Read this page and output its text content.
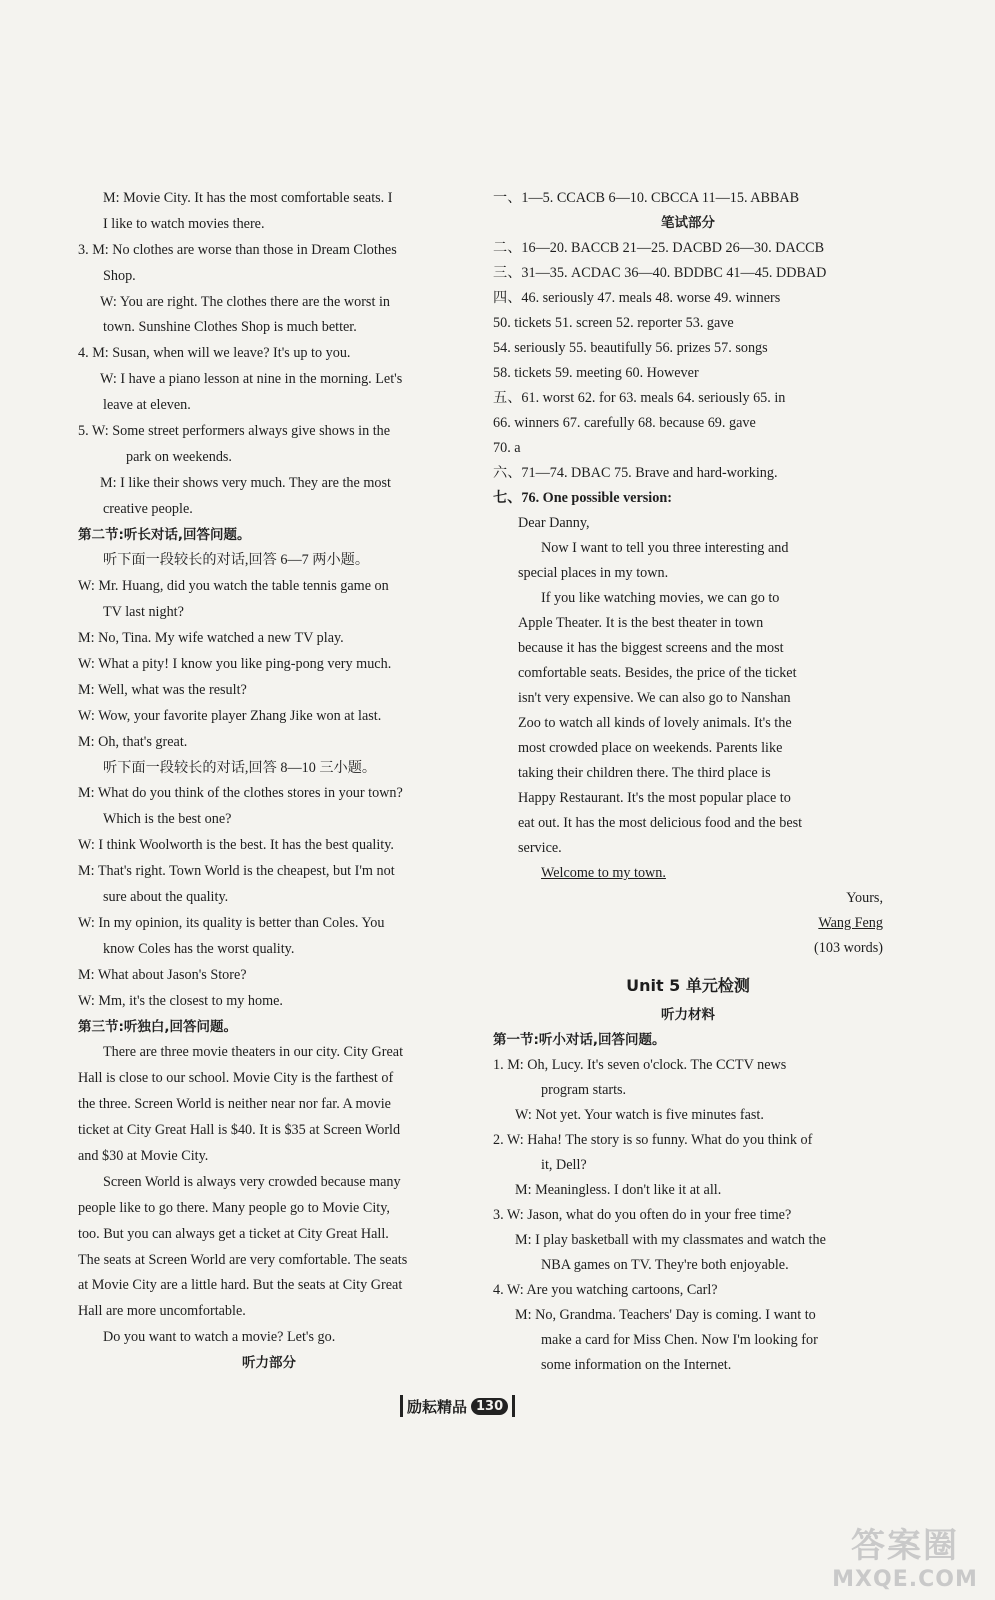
M: Movie City. It has the most comfortable seats. I
I like to watch movies there.
3. M: No clothes are worse than those in Dream Clothes
Shop.
W: You are right. The clothes there are the worst in
town. Sunshine Clothes Shop is much better.
4. M: Susan, when will we leave? It's up to you.
W: I have a piano lesson at nine in the morning. Let's
leave at eleven.
5. W: Some street performers always give shows in the
park on weekends.
M: I like their shows very much. They are the most
creative people.
第二节:听长对话,回答问题。
听下面一段较长的对话,回答 6—7 两小题。
W: Mr. Huang, did you watch the table tennis game on
TV last night?
M: No, Tina. My wife watched a new TV play.
W: What a pity! I know you like ping-pong very much.
M: Well, what was the result?
W: Wow, your favorite player Zhang Jike won at last.
M: Oh, that's great.
听下面一段较长的对话,回答 8—10 三小题。
M: What do you think of the clothes stores in your town?
Which is the best one?
W: I think Woolworth is the best. It has the best quality.
M: That's right. Town World is the cheapest, but I'm not
sure about the quality.
W: In my opinion, its quality is better than Coles. You
know Coles has the worst quality.
M: What about Jason's Store?
W: Mm, it's the closest to my home.
第三节:听独白,回答问题。
There are three movie theaters in our city. City Great
Hall is close to our school. Movie City is the farthest of
the three. Screen World is neither near nor far. A movie
ticket at City Great Hall is $40. It is $35 at Screen World
and $30 at Movie City.
Screen World is always very crowded because many
people like to go there. Many people go to Movie City,
too. But you can always get a ticket at City Great Hall.
The seats at Screen World are very comfortable. The seats
at Movie City are a little hard. But the seats at City Great
Hall are more uncomfortable.
Do you want to watch a movie? Let's go.
听力部分
一、1—5. CCACB 6—10. CBCCA 11—15. ABBAB
笔试部分
二、16—20. BACCB 21—25. DACBD 26—30. DACCB
三、31—35. ACDAC 36—40. BDDBC 41—45. DDBAD
四、46. seriously 47. meals 48. worse 49. winners
50. tickets 51. screen 52. reporter 53. gave
54. seriously 55. beautifully 56. prizes 57. songs
58. tickets 59. meeting 60. However
五、61. worst 62. for 63. meals 64. seriously 65. in
66. winners 67. carefully 68. because 69. gave
70. a
六、71—74. DBAC 75. Brave and hard-working.
七、76. One possible version:
Dear Danny,
Now I want to tell you three interesting and
special places in my town.
If you like watching movies, we can go to
Apple Theater. It is the best theater in town
because it has the biggest screens and the most
comfortable seats. Besides, the price of the ticket
isn't very expensive. We can also go to Nanshan
Zoo to watch all kinds of lovely animals. It's the
most crowded place on weekends. Parents like
taking their children there. The third place is
Happy Restaurant. It's the most popular place to
eat out. It has the most delicious food and the best
service.
Welcome to my town.
Yours,
Wang Feng
(103 words)
Unit 5 单元检测
听力材料
第一节:听小对话,回答问题。
1. M: Oh, Lucy. It's seven o'clock. The CCTV news
program starts.
W: Not yet. Your watch is five minutes fast.
2. W: Haha! The story is so funny. What do you think of
it, Dell?
M: Meaningless. I don't like it at all.
3. W: Jason, what do you often do in your free time?
M: I play basketball with my classmates and watch the
NBA games on TV. They're both enjoyable.
4. W: Are you watching cartoons, Carl?
M: No, Grandma. Teachers' Day is coming. I want to
make a card for Miss Chen. Now I'm looking for
some information on the Internet.
励耘精品 130
答案圈
MXQE.COM
